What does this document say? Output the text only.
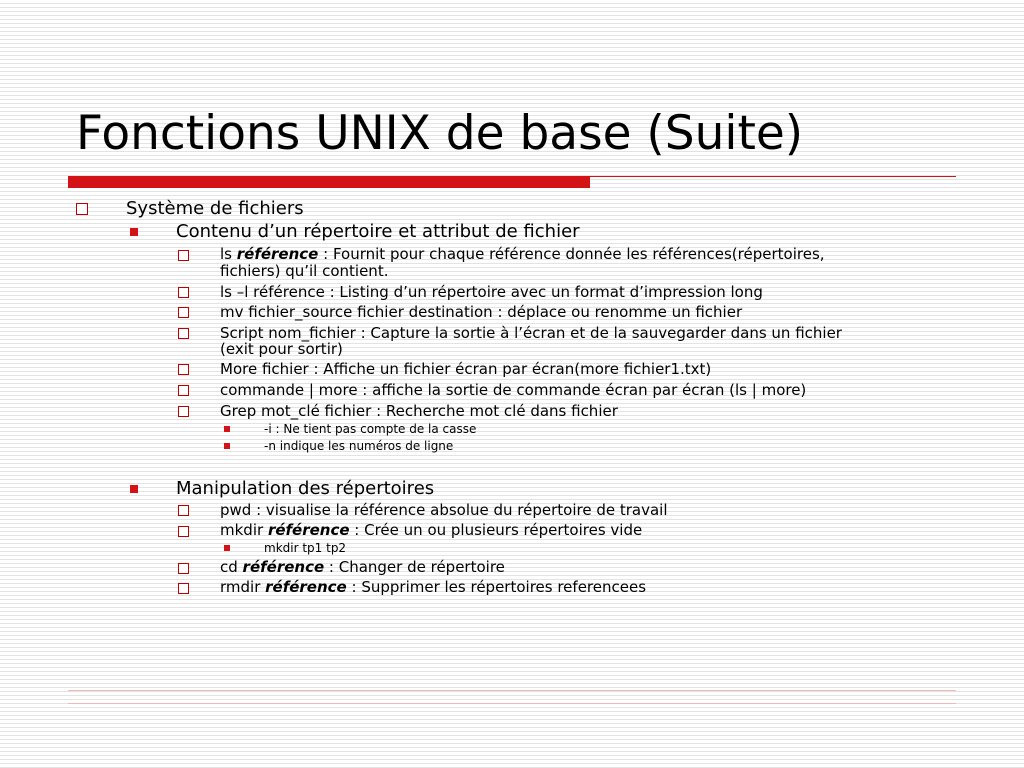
Fonctions UNIX de base (Suite)
Système de fichiers
Contenu d’un répertoire et attribut de fichier
ls référence : Fournit pour chaque référence donnée les références(répertoires,
fichiers) qu’il contient.
ls –l référence : Listing d’un répertoire avec un format d’impression long
mv fichier_source fichier destination : déplace ou renomme un fichier
Script nom_fichier : Capture la sortie à l’écran et de la sauvegarder dans un fichier
(exit pour sortir)
More fichier : Affiche un fichier écran par écran(more fichier1.txt)
commande | more : affiche la sortie de commande écran par écran (ls | more)
Grep mot_clé fichier : Recherche mot clé dans fichier
-i : Ne tient pas compte de la casse
-n indique les numéros de ligne
Manipulation des répertoires
pwd : visualise la référence absolue du répertoire de travail
mkdir référence : Crée un ou plusieurs répertoires vide
mkdir tp1 tp2
cd référence : Changer de répertoire
rmdir référence : Supprimer les répertoires referencees
